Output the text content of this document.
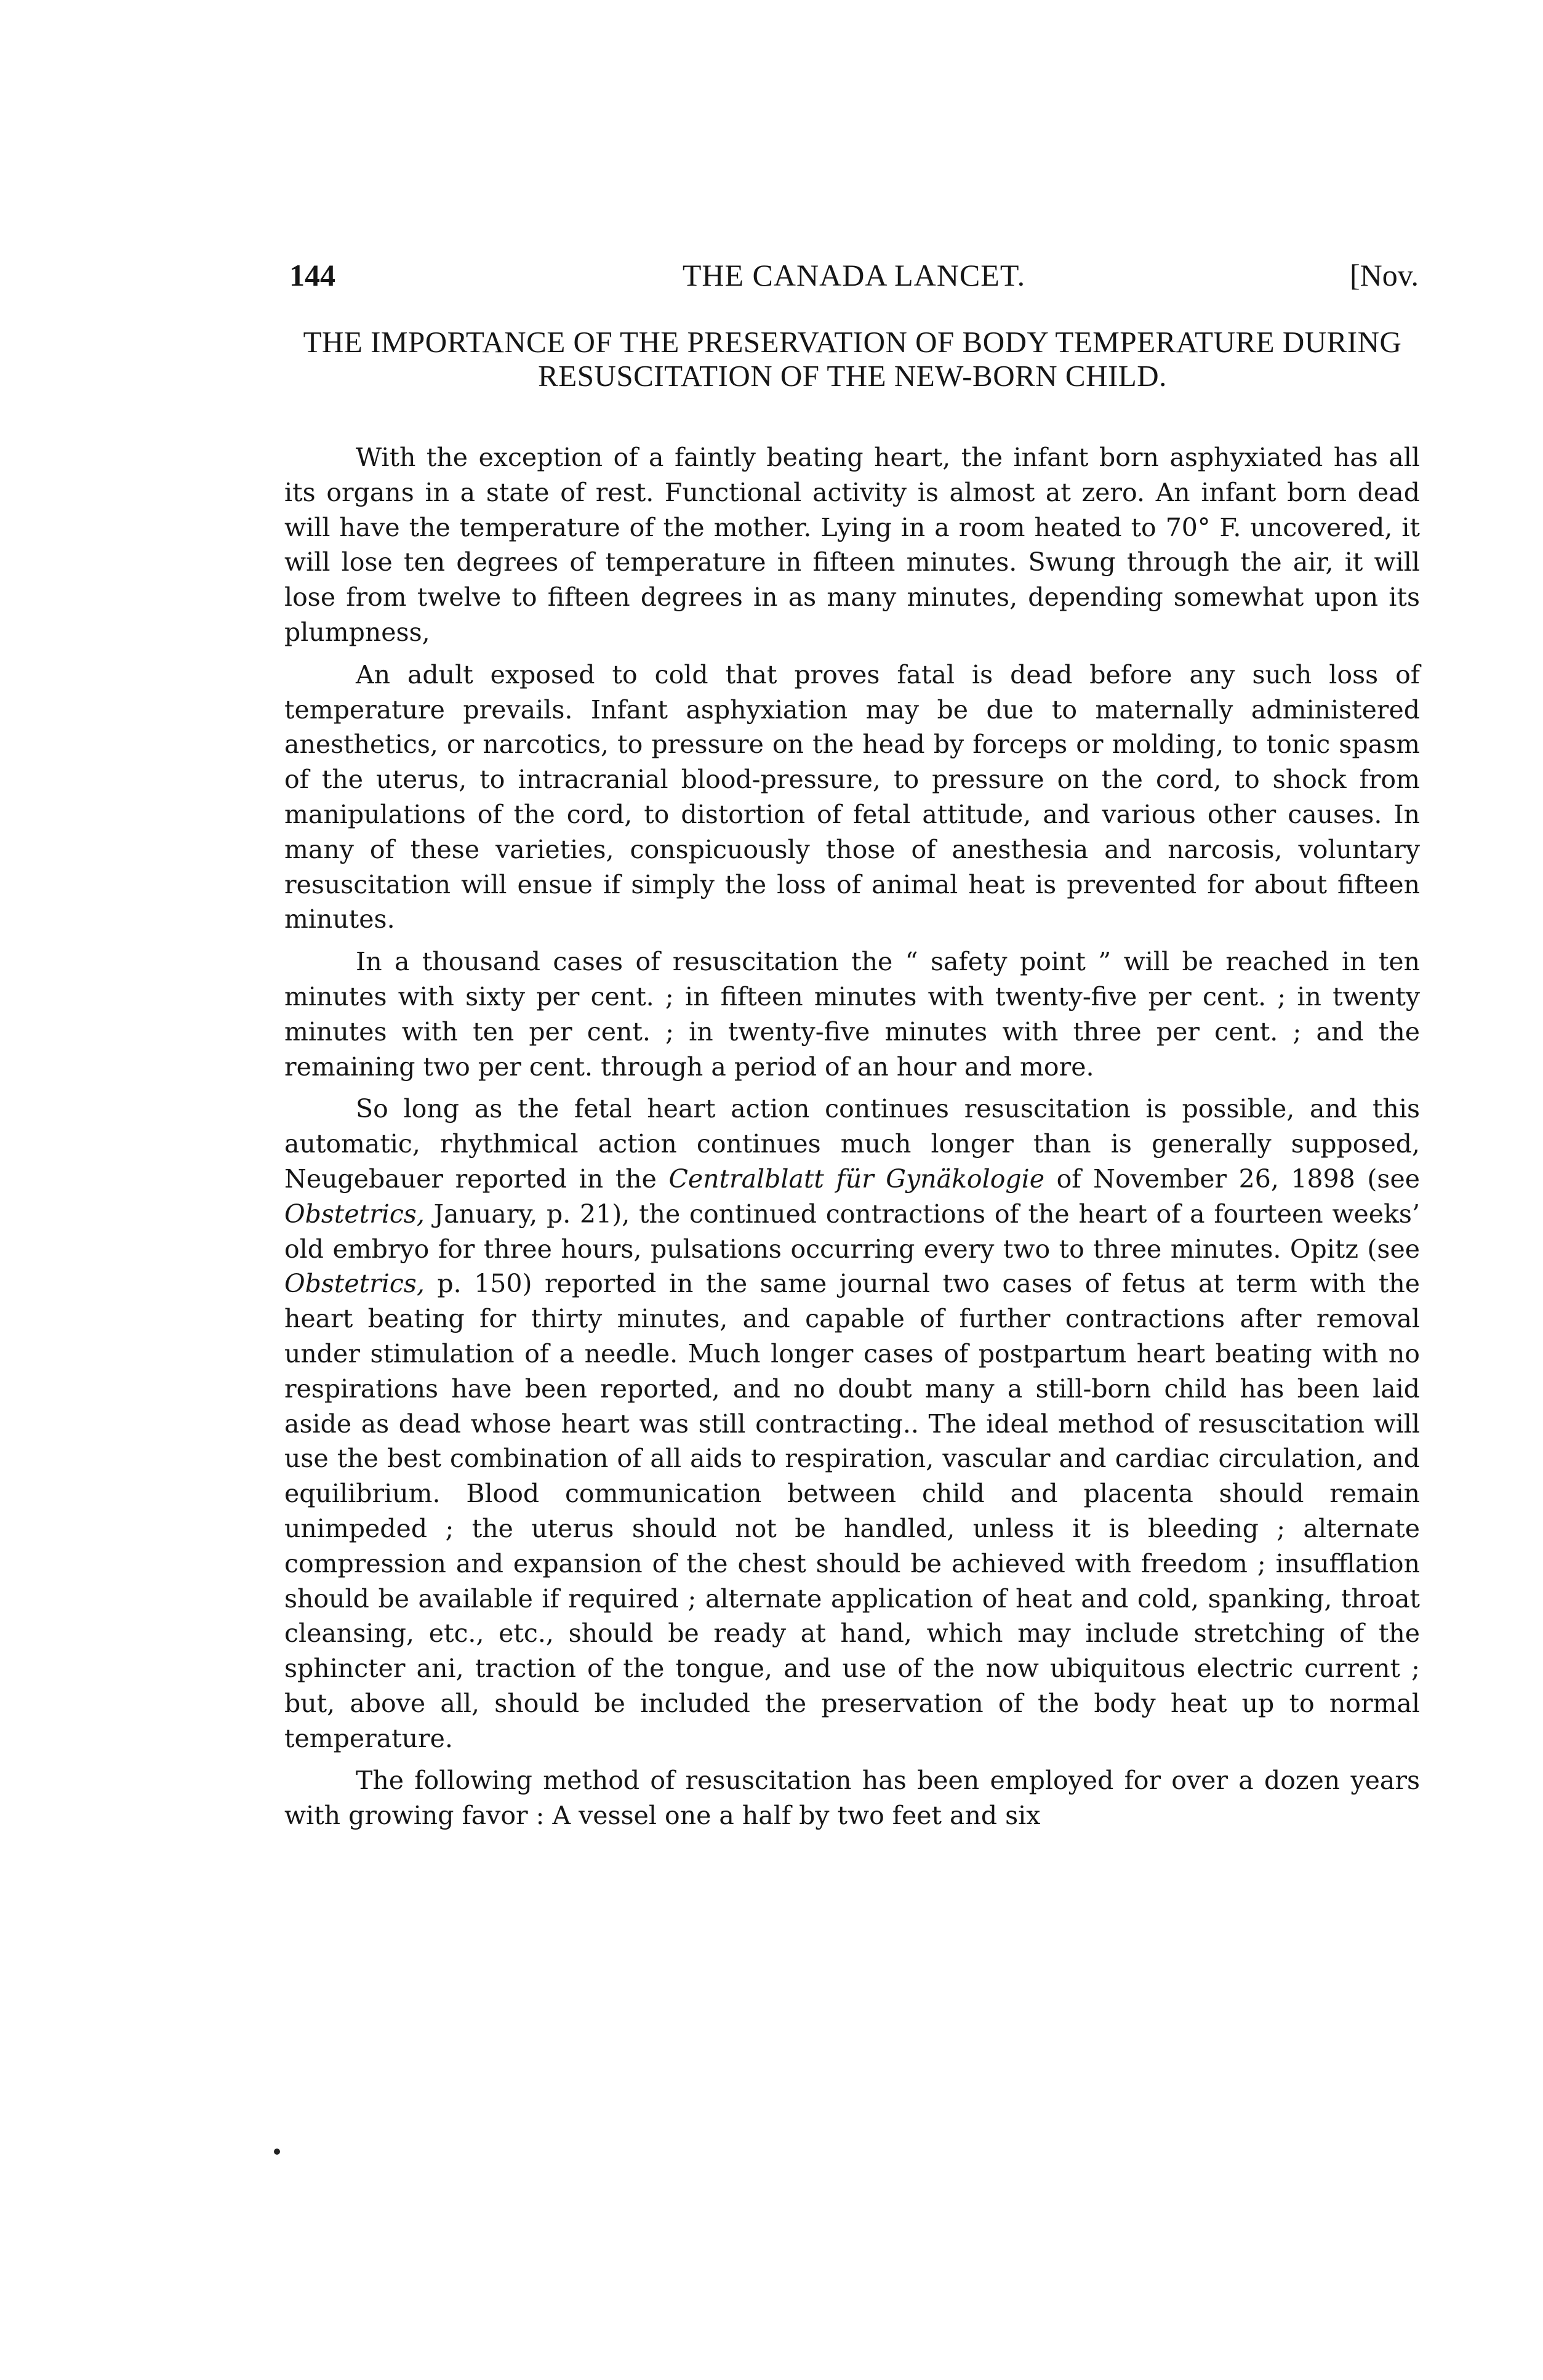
144	THE CANADA LANCET.	[Nov.
THE IMPORTANCE OF THE PRESERVATION OF BODY TEMPERATURE DURING RESUSCITATION OF THE NEW-BORN CHILD.

With the exception of a faintly beating heart, the infant born asphyxiated has all its organs in a state of rest. Functional activity is almost at zero. An infant born dead will have the temperature of the mother. Lying in a room heated to 70° F. uncovered, it will lose ten degrees of temperature in fifteen minutes. Swung through the air, it will lose from twelve to fifteen degrees in as many minutes, depending somewhat upon its plumpness,

An adult exposed to cold that proves fatal is dead before any such loss of temperature prevails. Infant asphyxiation may be due to maternally administered anesthetics, or narcotics, to pressure on the head by forceps or molding, to tonic spasm of the uterus, to intracranial blood-pressure, to pressure on the cord, to shock from manipulations of the cord, to distortion of fetal attitude, and various other causes. In many of these varieties, conspicuously those of anesthesia and narcosis, voluntary resuscitation will ensue if simply the loss of animal heat is prevented for about fifteen minutes.

In a thousand cases of resuscitation the “ safety point ” will be reached in ten minutes with sixty per cent. ; in fifteen minutes with twenty-five per cent. ; in twenty minutes with ten per cent. ; in twenty-five minutes with three per cent. ; and the remaining two per cent. through a period of an hour and more.

So long as the fetal heart action continues resuscitation is possible, and this automatic, rhythmical action continues much longer than is generally supposed, Neugebauer reported in the Centralblatt für Gynäkologie of November 26, 1898 (see Obstetrics, January, p. 21), the continued contractions of the heart of a fourteen weeks’ old embryo for three hours, pulsations occurring every two to three minutes. Opitz (see Obstetrics, p. 150) reported in the same journal two cases of fetus at term with the heart beating for thirty minutes, and capable of further contractions after removal under stimulation of a needle. Much longer cases of postpartum heart beating with no respirations have been reported, and no doubt many a still-born child has been laid aside as dead whose heart was still contracting.. The ideal method of resuscitation will use the best combination of all aids to respiration, vascular and cardiac circulation, and equilibrium. Blood communication between child and placenta should remain unimpeded ; the uterus should not be handled, unless it is bleeding ; alternate compression and expansion of the chest should be achieved with freedom ; insufflation should be available if required ; alternate application of heat and cold, spanking, throat cleansing, etc., etc., should be ready at hand, which may include stretching of the sphincter ani, traction of the tongue, and use of the now ubiquitous electric current ; but, above all, should be included the preservation of the body heat up to normal temperature.

The following method of resuscitation has been employed for over a dozen years with growing favor : A vessel one a half by two feet and six
